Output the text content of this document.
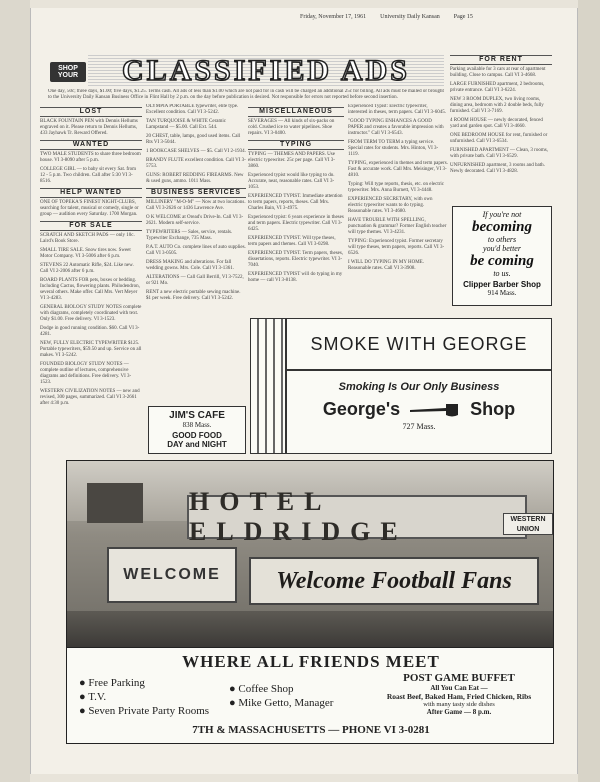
Friday, November 17, 1961 University Daily Kansan Page 15
SHOP YOUR	CLASSIFIED ADS
One day, 50c; three days, $1.00; five days, $1.25. Terms cash. All ads of less than $1.00 which are not paid for in cash will be charged an additional 25c for billing. All ads must be mailed or brought to the University Daily Kansan Business Office in Flint Hall by 2 p.m. on the day before publication is desired. Not responsible for errors not reported before second insertion.
LOST
BLACK FOUNTAIN PEN with Dennis Hellums engraved on it. Please return to Dennis Hellums, 433 Jayhawk Tr. Reward Offered.
WANTED
TWO MALE STUDENTS to share three bedroom house. VI 3-8090 after 5 p.m.
COLLEGE GIRL — to baby sit every Sat. from 12 - 5 p.m. Two children. Call after 5:30 VI 3-8516.
HELP WANTED
ONE OF TOPEKA'S FINEST NIGHT-CLUBS, searching for talent, musical or comedy, single or group — audition every Saturday. 1700 Morgan.
FOR SALE
SCRATCH AND SKETCH PADS — only 10c. Laird's Book Store.
SMALL TIRE SALE. Snow tires now. Sweet Motor Company. VI 3-5006 after 6 p.m.
STEVENS 22 Automatic Rifle, $24. Like new. Call VI 2-2006 after 6 p.m.
BOARD PLANTS FOR pets, boxes or bedding. Including Cactus, flowering plants. Philodendron, several others. Make offer. Call Mrs. Vert Meyer VI 3-4283.
GENERAL BIOLOGY STUDY NOTES complete with diagrams, completely coordinated with text. Only $1.00. Free delivery. VI 3-1523.
Dodge in good running condition. $60. Call VI 3-4281.
NEW, FULLY ELECTRIC TYPEWRITER $125. Portable typewriters, $59.50 and up. Service on all makes. VI 3-5242.
FOUNDED BIOLOGY STUDY NOTES — complete outline of lectures, comprehensive diagrams and definitions. Free delivery. VI 3-1523.
WESTERN CIVILIZATION NOTES — new and revised, 300 pages, summarized. Call VI 3-2661 after 4:30 p.m.
OLYMPIA PORTABLE typewriter, elite type. Excellent condition. Call VI 3-5242.
TAN TURQUOISE & WHITE Ceramic Lampstand — $5.00. Call Ext. 544.
20 CHEST, table, lamps, good used items. Call Rts VI 3-5044.
1 BOOKCASE SHELVES — $5. Call VI 2-1934.
BRANDY FLUTE excellent condition. Call VI 3-5753.
GUNS: ROBERT REDDING FIREARMS. New & used guns, ammo. 1011 Mass.
BUSINESS SERVICES
MILLINERY "M-O-M" — Now at two locations. Call VI 3-2626 or 1436 Lawrence Ave.
O K WELCOME at Oread's Drive-In. Call VI 3-2621. Modern self-service.
TYPEWRITERS — Sales, service, rentals. Typewriter Exchange, 735 Mass.
P.A.T. AUTO Co. complete lines of auto supplies. Call VI 3-0505.
DRESS MAKING and alterations. For fall wedding gowns. Mrs. Cole. Call VI 3-1361.
ALTERATIONS — Call Gall Berrill, VI 3-7522, or 921 Mo.
RENT a new electric portable sewing machine. $1 per week. Free delivery. Call VI 3-5242.
JIM'S CAFE
838 Mass.
GOOD FOOD
DAY and NIGHT
MISCELLANEOUS
SEVERAGES — All kinds of six-packs on cold. Crushed ice to water pipelines. Shoe repairs. VI 3-0400.
TYPING
TYPING — THEMES AND PAPERS. Use electric typewriter. 25c per page. Call VI 3-3860.
Experienced typist would like typing to do. Accurate, neat, reasonable rates. Call VI 3-1053.
EXPERIENCED TYPIST. Immediate attention to term papers, reports, theses. Call Mrs. Charles Bain, VI 3-4975.
Experienced typist: 6 years experience in theses and term papers. Electric typewriter. Call VI 3-6425.
EXPERIENCED TYPIST. Will type theses, term papers and themes. Call VI 3-0298.
EXPERIENCED TYPIST. Term papers, theses, dissertations, reports. Electric typewriter. VI 3-7040.
EXPERIENCED TYPIST will do typing in my home — call VI 3-8138.
Experienced Typist: Electric typewriter, interested in theses, term papers. Call VI 3-6045.
"GOOD TYPING ENHANCES A GOOD PAPER and creates a favorable impression with instructor." Call VI 3-6543.
FROM TERM TO TERM a typing service. Special rates for students. Mrs. Hinton, VI 3-1119.
TYPING, experienced in themes and term papers. Fast & accurate work. Call Mrs. Meisinger, VI 3-4810.
Typing: Will type reports, thesis, etc. on electric typewriter. Mrs. Anna Burnett, VI 3-4448.
EXPERIENCED SECRETARY, with own electric typewriter wants to do typing. Reasonable rates. VI 3-4680.
HAVE TROUBLE WITH SPELLING, punctuation & grammar? Former English teacher will type themes. VI 3-4231.
TYPING: Experienced typist. Former secretary will type theses, term papers, reports. Call VI 3-6526.
I WILL DO TYPING IN MY HOME. Reasonable rates. Call VI 3-3908.
FOR RENT
Parking available for 3 cars at rear of apartment building. Close to campus. Call VI 3-4668.
LARGE FURNISHED apartment, 2 bedrooms, private entrance. Call VI 3-6224.
NEW 3 ROOM DUPLEX, two living rooms, dining area, bedroom with 2 double beds, fully furnished. Call VI 3-7169.
4 ROOM HOUSE — newly decorated, fenced yard and garden spot. Call VI 3-4660.
ONE BEDROOM HOUSE for rent, furnished or unfurnished. Call VI 3-6534.
FURNISHED APARTMENT — Clean, 3 rooms, with private bath. Call VI 3-6529.
UNFURNISHED apartment, 3 rooms and bath. Newly decorated. Call VI 3-4828.
If you're not
becoming
to others
you'd better
be coming
to us.
Clipper Barber Shop
914 Mass.
SMOKE WITH GEORGE
Smoking Is Our Only Business
George's	Shop
727 Mass.
HOTEL ELDRIDGE
WELCOME Welcome Football Fans
WESTERN UNION
WHERE ALL FRIENDS MEET
● Free Parking
● T.V.
● Seven Private Party Rooms
● Coffee Shop
● Mike Getto, Manager
POST GAME BUFFET
All You Can Eat —
Roast Beef, Baked Ham, Fried Chicken, Ribs
with many tasty side dishes
After Game — 8 p.m.
7TH & MASSACHUSETTS — PHONE VI 3-0281
